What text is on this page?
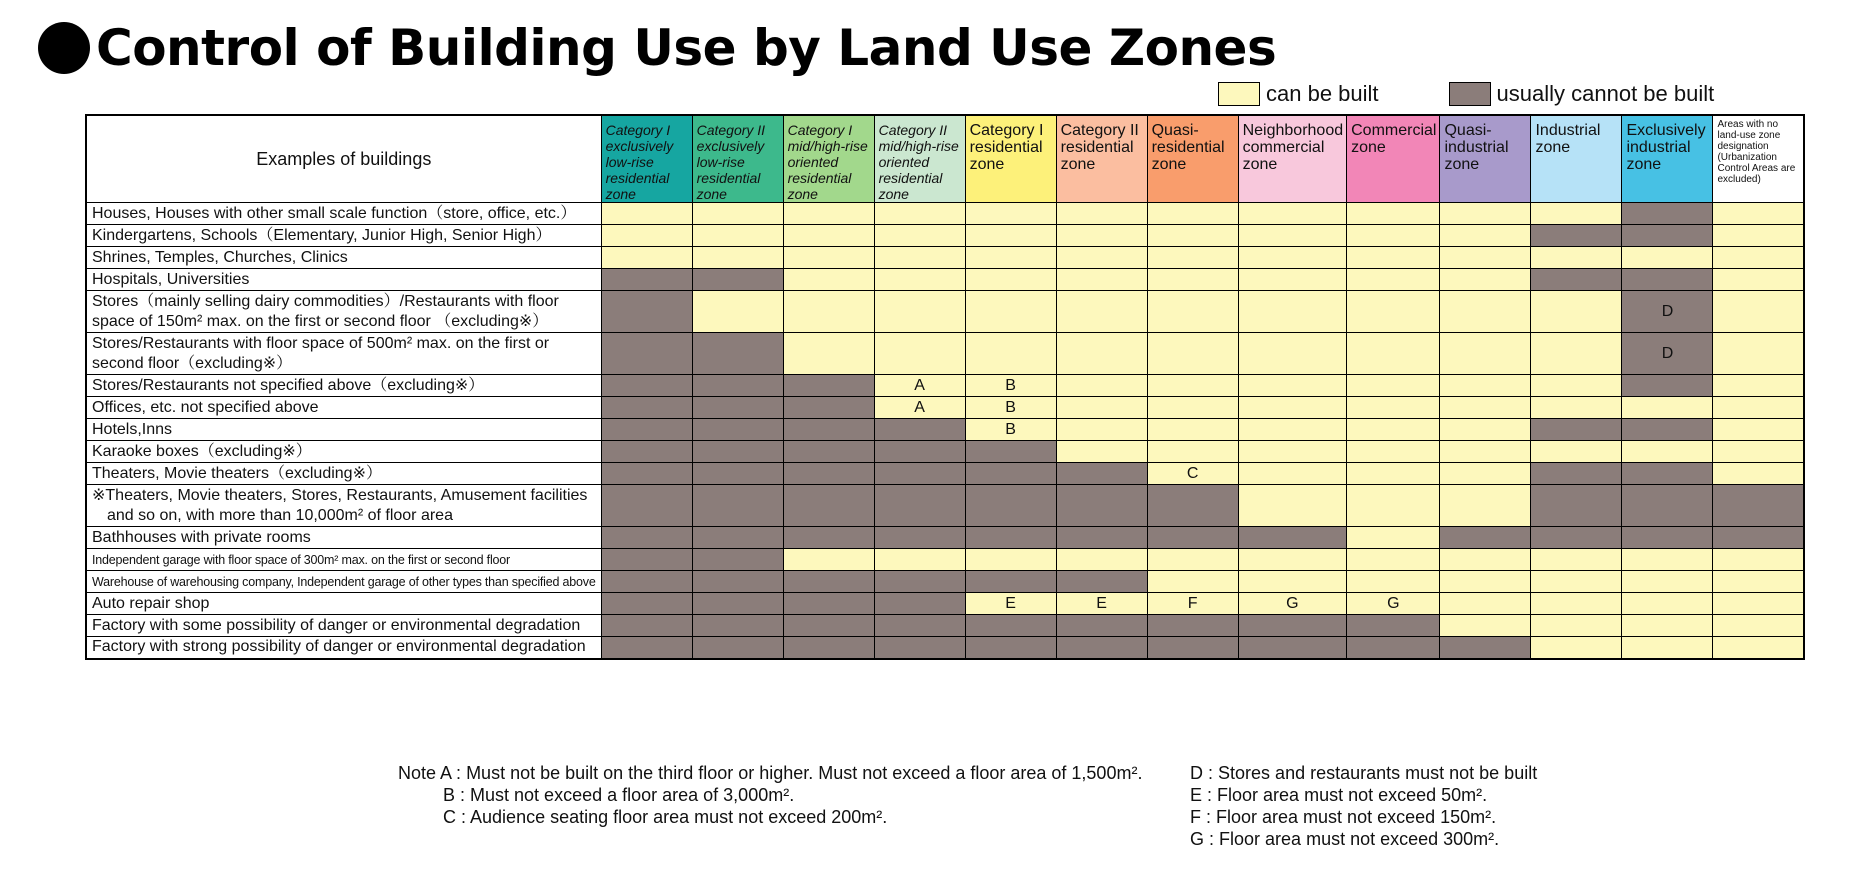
Control of Building Use by Land Use Zones
can be built	usually cannot be built
Examples of buildings	Category I exclusively low-rise residential zone	Category II exclusively low-rise residential zone	Category I mid/high-rise oriented residential zone	Category II mid/high-rise oriented residential zone	Category I residential zone	Category II residential zone	Quasi-residential zone	Neighborhood commercial zone	Commercial zone	Quasi-industrial zone	Industrial zone	Exclusively industrial zone	Areas with no land-use zone designation (Urbanization Control Areas are excluded)
Houses, Houses with other small scale function（store, office, etc.）													
Kindergartens, Schools（Elementary, Junior High, Senior High）													
Shrines, Temples, Churches, Clinics													
Hospitals, Universities													
Stores（mainly selling dairy commodities）/Restaurants with floor space of 150m² max. on the first or second floor （excluding※）												D	
Stores/Restaurants with floor space of 500m² max. on the first or second floor（excluding※）												D	
Stores/Restaurants not specified above（excluding※）				A	B								
Offices, etc. not specified above				A	B								
Hotels,Inns					B								
Karaoke boxes（excluding※）													
Theaters, Movie theaters（excluding※）							C						
※Theaters, Movie theaters, Stores, Restaurants, Amusement facilities and so on, with more than 10,000m² of floor area													
Bathhouses with private rooms													
Independent garage with floor space of 300m² max. on the first or second floor													
Warehouse of warehousing company, Independent garage of other types than specified above													
Auto repair shop					E	E	F	G	G				
Factory with some possibility of danger or environmental degradation													
Factory with strong possibility of danger or environmental degradation													

Note A : Must not be built on the third floor or higher. Must not exceed a floor area of 1,500m².

B : Must not exceed a floor area of 3,000m².

C : Audience seating floor area must not exceed 200m².

D : Stores and restaurants must not be built

E : Floor area must not exceed 50m².

F : Floor area must not exceed 150m².

G : Floor area must not exceed 300m².
